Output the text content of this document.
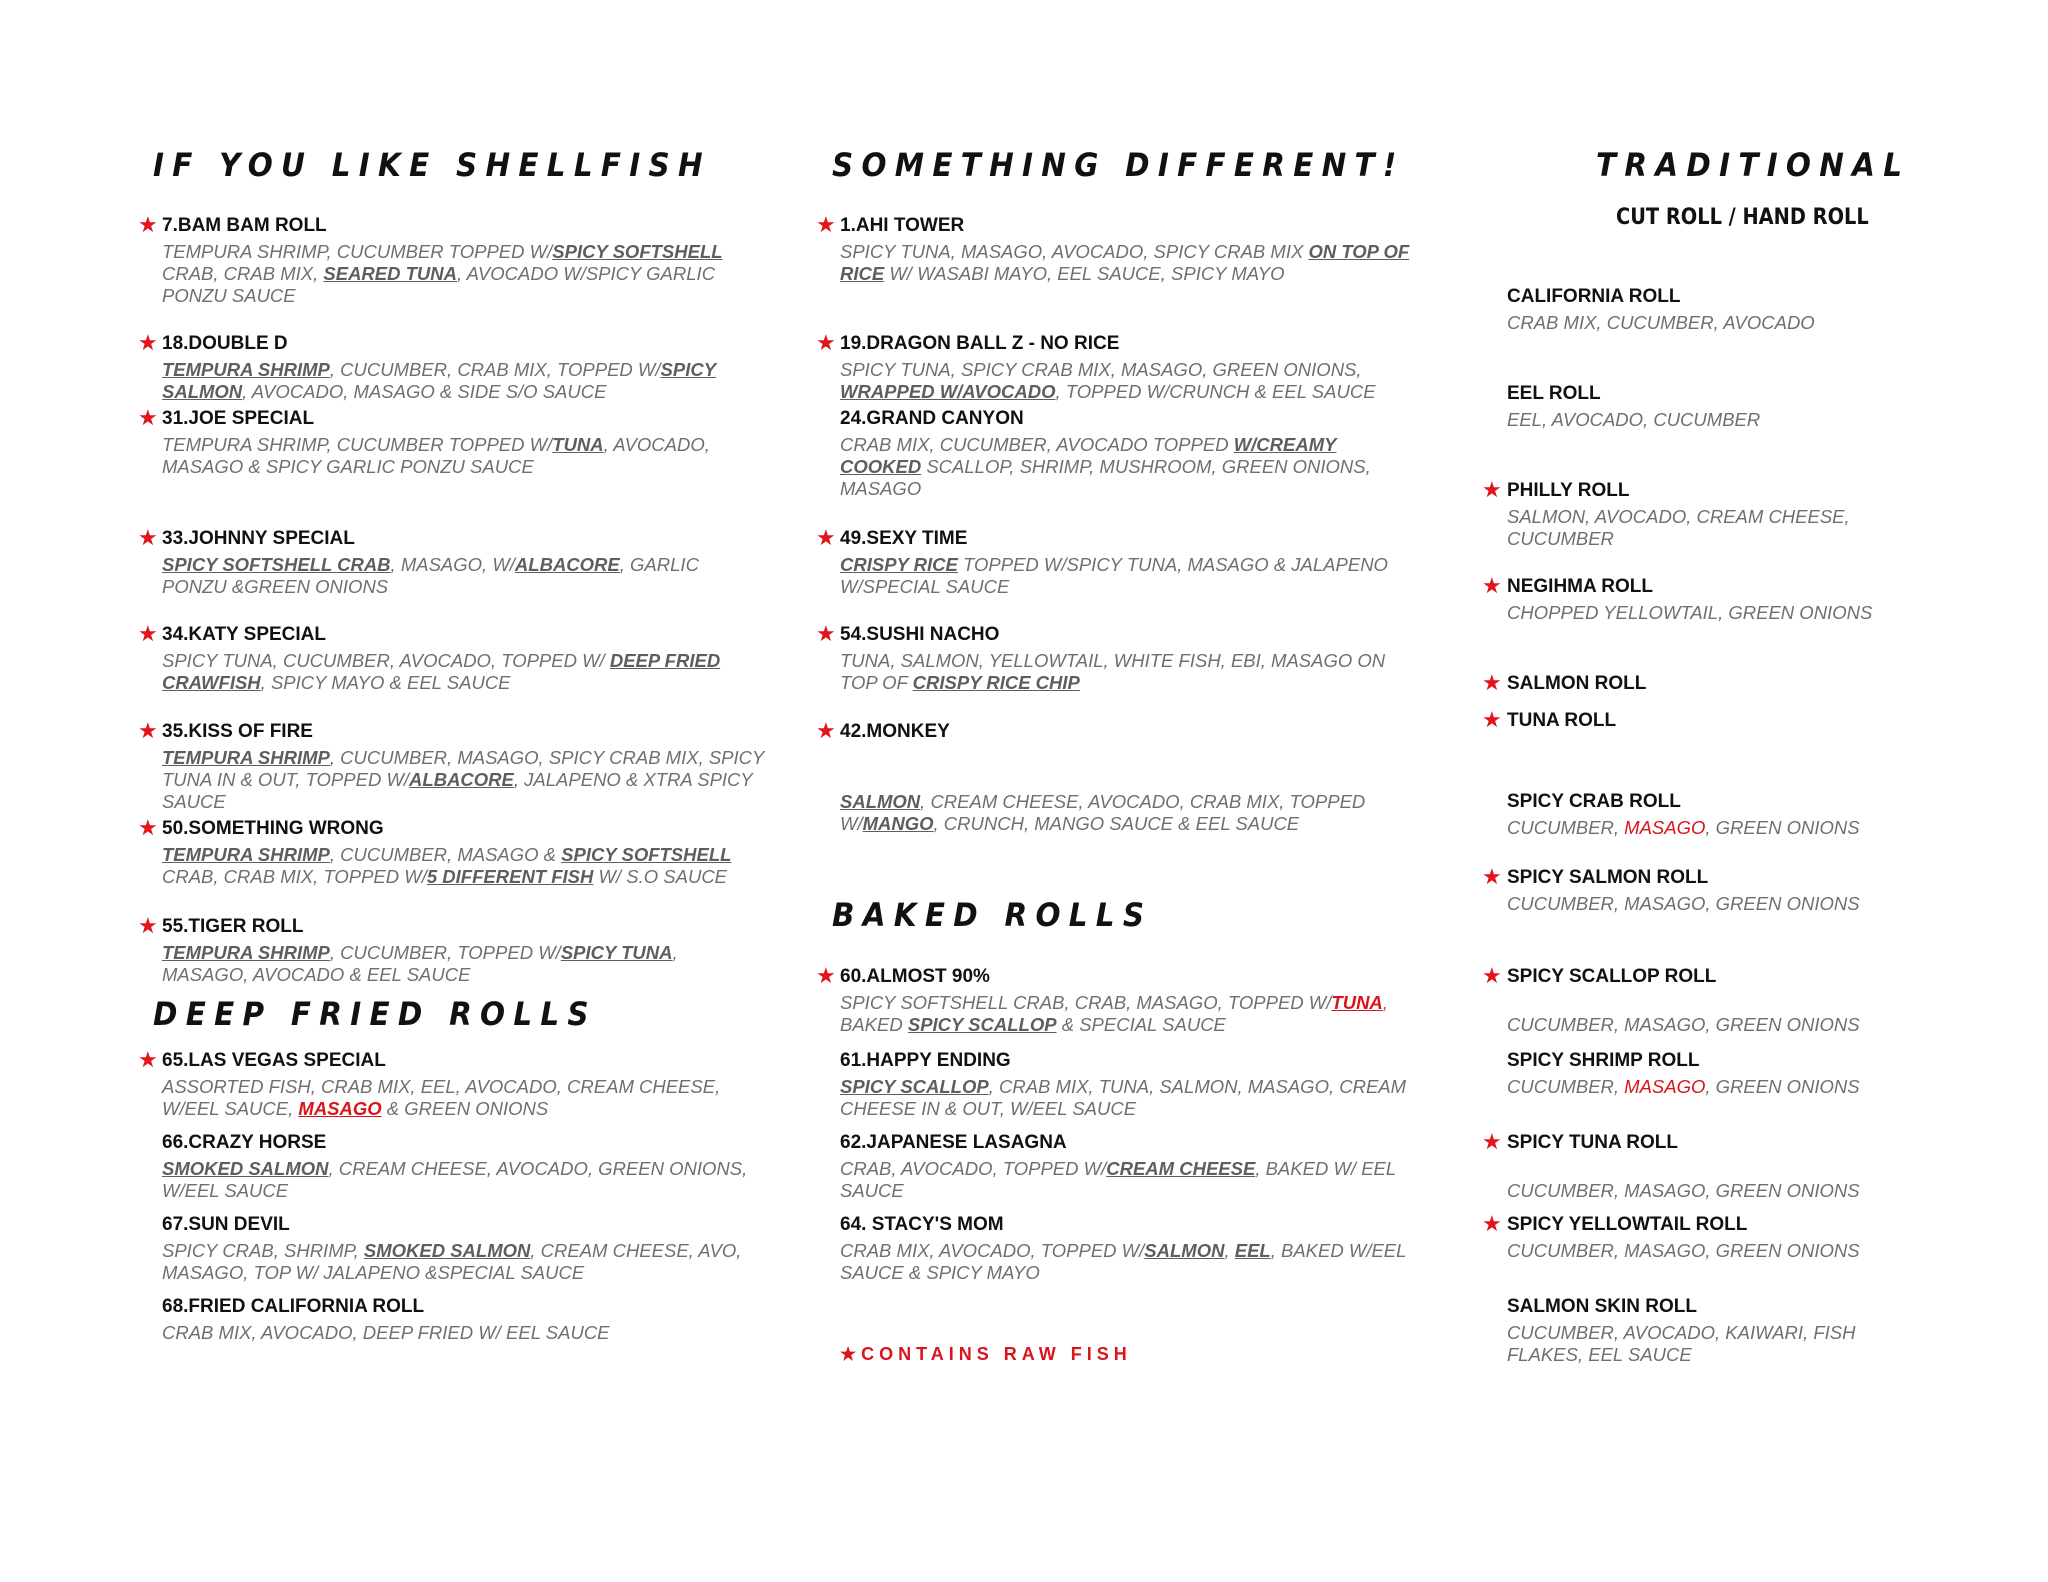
IF YOU LIKE SHELLFISH	SOMETHING DIFFERENT!	TRADITIONAL
CUT ROLL / HAND ROLL
DEEP FRIED ROLLS
BAKED ROLLS
★ 7.BAM BAM ROLL
TEMPURA SHRIMP, CUCUMBER TOPPED W/SPICY SOFTSHELL
CRAB, CRAB MIX, SEARED TUNA, AVOCADO W/SPICY GARLIC
PONZU SAUCE
★ 18.DOUBLE D
TEMPURA SHRIMP, CUCUMBER, CRAB MIX, TOPPED W/SPICY
SALMON, AVOCADO, MASAGO & SIDE S/O SAUCE
★ 31.JOE SPECIAL
TEMPURA SHRIMP, CUCUMBER TOPPED W/TUNA, AVOCADO,
MASAGO & SPICY GARLIC PONZU SAUCE
★ 33.JOHNNY SPECIAL
SPICY SOFTSHELL CRAB, MASAGO, W/ALBACORE, GARLIC
PONZU &GREEN ONIONS
★ 34.KATY SPECIAL
SPICY TUNA, CUCUMBER, AVOCADO, TOPPED W/ DEEP FRIED
CRAWFISH, SPICY MAYO & EEL SAUCE
★ 35.KISS OF FIRE
TEMPURA SHRIMP, CUCUMBER, MASAGO, SPICY CRAB MIX, SPICY
TUNA IN & OUT, TOPPED W/ALBACORE, JALAPENO & XTRA SPICY
SAUCE
★ 50.SOMETHING WRONG
TEMPURA SHRIMP, CUCUMBER, MASAGO & SPICY SOFTSHELL
CRAB, CRAB MIX, TOPPED W/5 DIFFERENT FISH W/ S.O SAUCE
★ 55.TIGER ROLL
TEMPURA SHRIMP, CUCUMBER, TOPPED W/SPICY TUNA,
MASAGO, AVOCADO & EEL SAUCE
★ 65.LAS VEGAS SPECIAL
ASSORTED FISH, CRAB MIX, EEL, AVOCADO, CREAM CHEESE,
W/EEL SAUCE, MASAGO & GREEN ONIONS
66.CRAZY HORSE
SMOKED SALMON, CREAM CHEESE, AVOCADO, GREEN ONIONS,
W/EEL SAUCE
67.SUN DEVIL
SPICY CRAB, SHRIMP, SMOKED SALMON, CREAM CHEESE, AVO,
MASAGO, TOP W/ JALAPENO &SPECIAL SAUCE
68.FRIED CALIFORNIA ROLL
CRAB MIX, AVOCADO, DEEP FRIED W/ EEL SAUCE
★ 1.AHI TOWER
SPICY TUNA, MASAGO, AVOCADO, SPICY CRAB MIX ON TOP OF
RICE W/ WASABI MAYO, EEL SAUCE, SPICY MAYO
★ 19.DRAGON BALL Z - NO RICE
SPICY TUNA, SPICY CRAB MIX, MASAGO, GREEN ONIONS,
WRAPPED W/AVOCADO, TOPPED W/CRUNCH & EEL SAUCE
24.GRAND CANYON
CRAB MIX, CUCUMBER, AVOCADO TOPPED W/CREAMY
COOKED SCALLOP, SHRIMP, MUSHROOM, GREEN ONIONS,
MASAGO
★ 49.SEXY TIME
CRISPY RICE TOPPED W/SPICY TUNA, MASAGO & JALAPENO
W/SPECIAL SAUCE
★ 54.SUSHI NACHO
TUNA, SALMON, YELLOWTAIL, WHITE FISH, EBI, MASAGO ON
TOP OF CRISPY RICE CHIP
★ 42.MONKEY
SALMON, CREAM CHEESE, AVOCADO, CRAB MIX, TOPPED
W/MANGO, CRUNCH, MANGO SAUCE & EEL SAUCE
★ 60.ALMOST 90%
SPICY SOFTSHELL CRAB, CRAB, MASAGO, TOPPED W/TUNA,
BAKED SPICY SCALLOP & SPECIAL SAUCE
61.HAPPY ENDING
SPICY SCALLOP, CRAB MIX, TUNA, SALMON, MASAGO, CREAM
CHEESE IN & OUT, W/EEL SAUCE
62.JAPANESE LASAGNA
CRAB, AVOCADO, TOPPED W/CREAM CHEESE, BAKED W/ EEL
SAUCE
64. STACY'S MOM
CRAB MIX, AVOCADO, TOPPED W/SALMON, EEL, BAKED W/EEL
SAUCE & SPICY MAYO
CALIFORNIA ROLL
CRAB MIX, CUCUMBER, AVOCADO
EEL ROLL
EEL, AVOCADO, CUCUMBER
★ PHILLY ROLL
SALMON, AVOCADO, CREAM CHEESE,
CUCUMBER
★ NEGIHMA ROLL
CHOPPED YELLOWTAIL, GREEN ONIONS
★ SALMON ROLL
★ TUNA ROLL
SPICY CRAB ROLL
CUCUMBER, MASAGO, GREEN ONIONS
★ SPICY SALMON ROLL
CUCUMBER, MASAGO, GREEN ONIONS
★ SPICY SCALLOP ROLL
CUCUMBER, MASAGO, GREEN ONIONS
SPICY SHRIMP ROLL
CUCUMBER, MASAGO, GREEN ONIONS
★ SPICY TUNA ROLL
CUCUMBER, MASAGO, GREEN ONIONS
★ SPICY YELLOWTAIL ROLL
CUCUMBER, MASAGO, GREEN ONIONS
SALMON SKIN ROLL
CUCUMBER, AVOCADO, KAIWARI, FISH
FLAKES, EEL SAUCE
★CONTAINS RAW FISH
